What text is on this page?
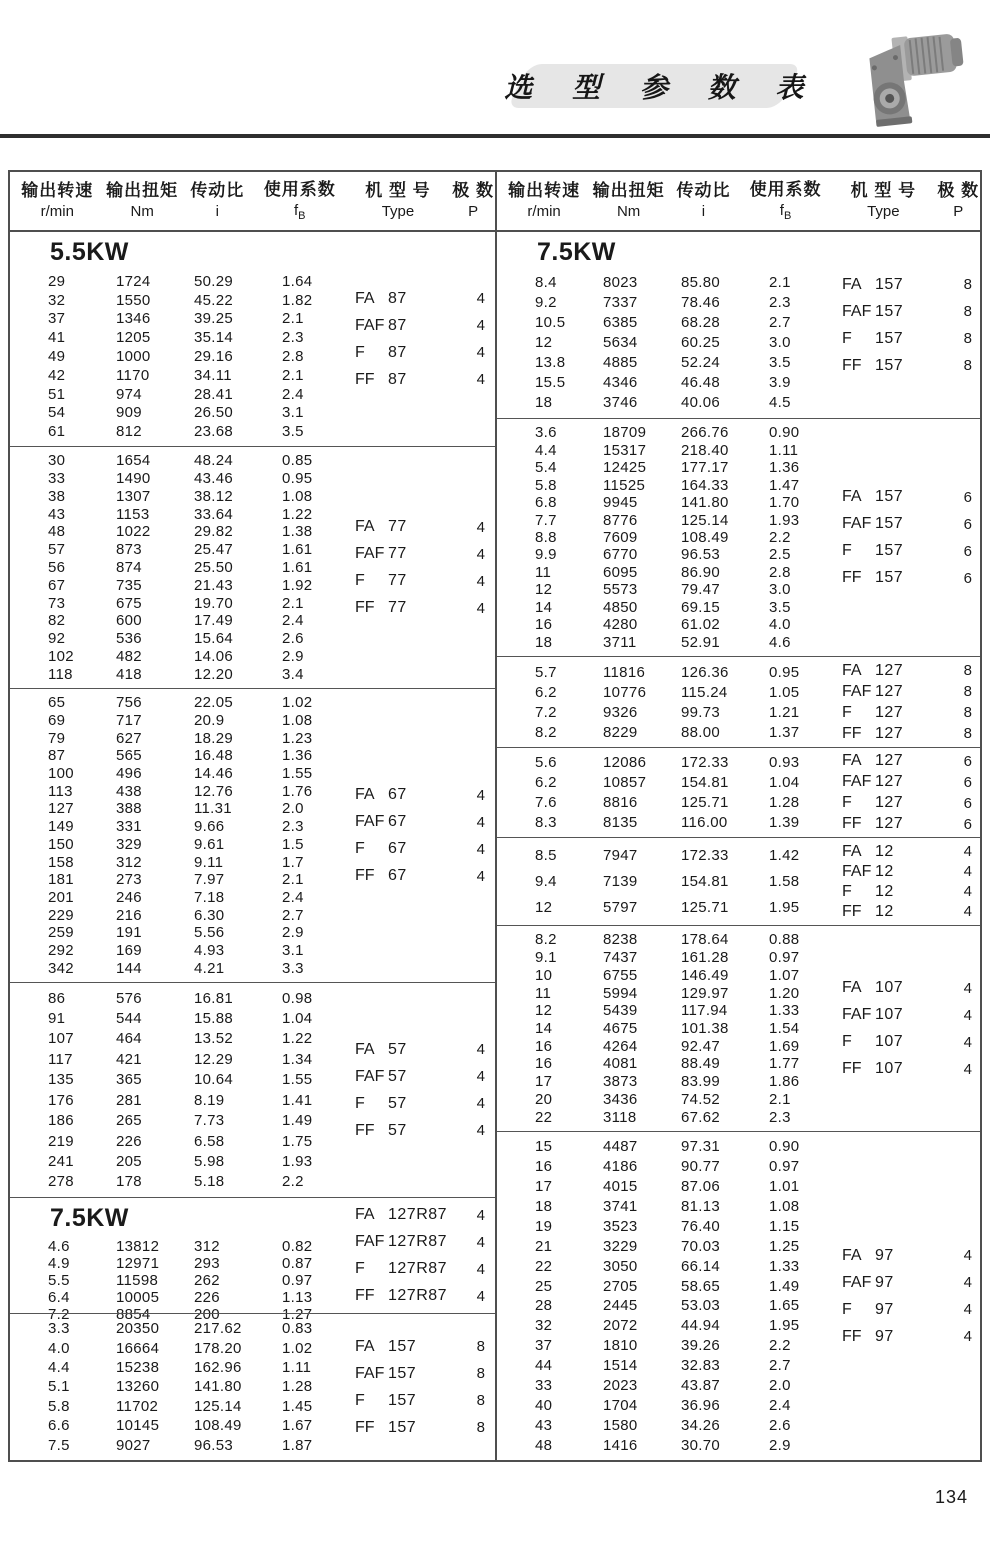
选 型 参 数 表
输出转速
r/min
输出扭矩
Nm
传动比
i
使用系数
$f_B$
机 型 号
Type
极 数
P
5.5KW
29	1724	50.29	1.64
32	1550	45.22	1.82
37	1346	39.25	2.1
41	1205	35.14	2.3
49	1000	29.16	2.8
42	1170	34.11	2.1
51	974	28.41	2.4
54	909	26.50	3.1
61	812	23.68	3.5
FA 87	4
FAF 87	4
F 87	4
FF 87	4
30	1654	48.24	0.85
33	1490	43.46	0.95
38	1307	38.12	1.08
43	1153	33.64	1.22
48	1022	29.82	1.38
57	873	25.47	1.61
56	874	25.50	1.61
67	735	21.43	1.92
73	675	19.70	2.1
82	600	17.49	2.4
92	536	15.64	2.6
102	482	14.06	2.9
118	418	12.20	3.4
FA 77	4
FAF 77	4
F 77	4
FF 77	4
65	756	22.05	1.02
69	717	20.9	1.08
79	627	18.29	1.23
87	565	16.48	1.36
100	496	14.46	1.55
113	438	12.76	1.76
127	388	11.31	2.0
149	331	9.66	2.3
150	329	9.61	1.5
158	312	9.11	1.7
181	273	7.97	2.1
201	246	7.18	2.4
229	216	6.30	2.7
259	191	5.56	2.9
292	169	4.93	3.1
342	144	4.21	3.3
FA 67	4
FAF 67	4
F 67	4
FF 67	4
86	576	16.81	0.98
91	544	15.88	1.04
107	464	13.52	1.22
117	421	12.29	1.34
135	365	10.64	1.55
176	281	8.19	1.41
186	265	7.73	1.49
219	226	6.58	1.75
241	205	5.98	1.93
278	178	5.18	2.2
FA 57	4
FAF 57	4
F 57	4
FF 57	4
7.5KW
4.6	13812	312	0.82
4.9	12971	293	0.87
5.5	11598	262	0.97
6.4	10005	226	1.13
7.2	8854	200	1.27
FA 127R87 4
FAF 127R87 4
F 127R87 4
FF 127R87 4
3.3	20350	217.62	0.83
4.0	16664	178.20	1.02
4.4	15238	162.96	1.11
5.1	13260	141.80	1.28
5.8	11702	125.14	1.45
6.6	10145	108.49	1.67
7.5	9027	96.53	1.87
FA 157	8
FAF 157	8
F 157	8
FF 157	8
输出转速
r/min
输出扭矩
Nm
传动比
i
使用系数
$f_B$
机 型 号
Type
极 数
P
7.5KW
8.4	8023	85.80	2.1
9.2	7337	78.46	2.3
10.5	6385	68.28	2.7
12	5634	60.25	3.0
13.8	4885	52.24	3.5
15.5	4346	46.48	3.9
18	3746	40.06	4.5
FA 157	8
FAF 157	8
F 157	8
FF 157	8
3.6	18709	266.76	0.90
4.4	15317	218.40	1.11
5.4	12425	177.17	1.36
5.8	11525	164.33	1.47
6.8	9945	141.80	1.70
7.7	8776	125.14	1.93
8.8	7609	108.49	2.2
9.9	6770	96.53	2.5
11	6095	86.90	2.8
12	5573	79.47	3.0
14	4850	69.15	3.5
16	4280	61.02	4.0
18	3711	52.91	4.6
FA 157	6
FAF 157	6
F 157	6
FF 157	6
5.7	11816	126.36	0.95
6.2	10776	115.24	1.05
7.2	9326	99.73	1.21
8.2	8229	88.00	1.37
FA 127	8
FAF 127	8
F 127	8
FF 127	8
5.6	12086	172.33	0.93
6.2	10857	154.81	1.04
7.6	8816	125.71	1.28
8.3	8135	116.00	1.39
FA 127	6
FAF 127	6
F 127	6
FF 127	6
8.5	7947	172.33	1.42
9.4	7139	154.81	1.58
12	5797	125.71	1.95
FA 12	4
FAF 12	4
F 12	4
FF 12	4
8.2	8238	178.64	0.88
9.1	7437	161.28	0.97
10	6755	146.49	1.07
11	5994	129.97	1.20
12	5439	117.94	1.33
14	4675	101.38	1.54
16	4264	92.47	1.69
16	4081	88.49	1.77
17	3873	83.99	1.86
20	3436	74.52	2.1
22	3118	67.62	2.3
FA 107	4
FAF 107	4
F 107	4
FF 107	4
15	4487	97.31	0.90
16	4186	90.77	0.97
17	4015	87.06	1.01
18	3741	81.13	1.08
19	3523	76.40	1.15
21	3229	70.03	1.25
22	3050	66.14	1.33
25	2705	58.65	1.49
28	2445	53.03	1.65
32	2072	44.94	1.95
37	1810	39.26	2.2
44	1514	32.83	2.7
33	2023	43.87	2.0
40	1704	36.96	2.4
43	1580	34.26	2.6
48	1416	30.70	2.9
FA 97	4
FAF 97	4
F 97	4
FF 97	4
134
